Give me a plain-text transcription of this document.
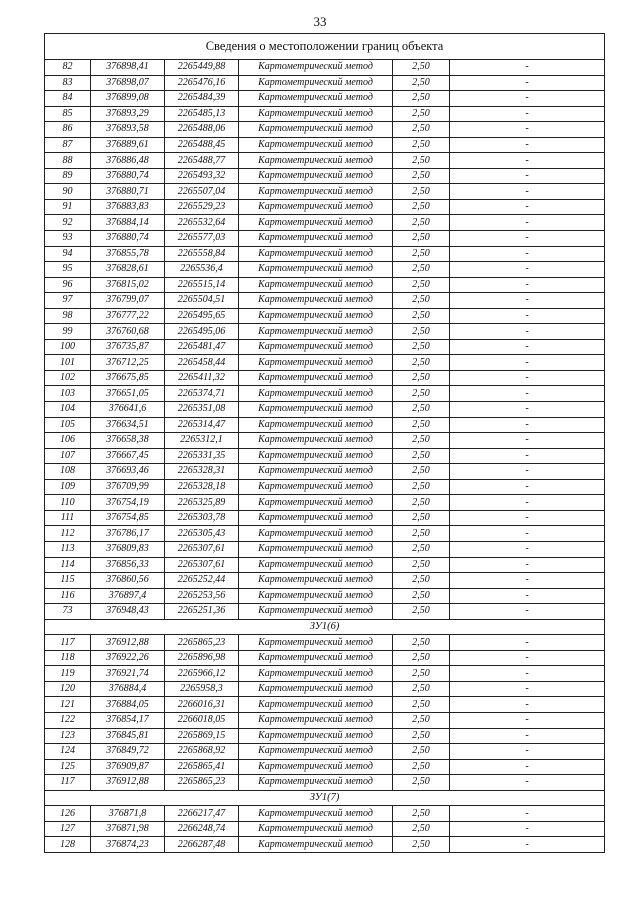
33
Сведения о местоположении границ объекта					
82	376898,41	2265449,88	Картометрический метод	2,50	-
83	376898,07	2265476,16	Картометрический метод	2,50	-
84	376899,08	2265484,39	Картометрический метод	2,50	-
85	376893,29	2265485,13	Картометрический метод	2,50	-
86	376893,58	2265488,06	Картометрический метод	2,50	-
87	376889,61	2265488,45	Картометрический метод	2,50	-
88	376886,48	2265488,77	Картометрический метод	2,50	-
89	376880,74	2265493,32	Картометрический метод	2,50	-
90	376880,71	2265507,04	Картометрический метод	2,50	-
91	376883,83	2265529,23	Картометрический метод	2,50	-
92	376884,14	2265532,64	Картометрический метод	2,50	-
93	376880,74	2265577,03	Картометрический метод	2,50	-
94	376855,78	2265558,84	Картометрический метод	2,50	-
95	376828,61	2265536,4	Картометрический метод	2,50	-
96	376815,02	2265515,14	Картометрический метод	2,50	-
97	376799,07	2265504,51	Картометрический метод	2,50	-
98	376777,22	2265495,65	Картометрический метод	2,50	-
99	376760,68	2265495,06	Картометрический метод	2,50	-
100	376735,87	2265481,47	Картометрический метод	2,50	-
101	376712,25	2265458,44	Картометрический метод	2,50	-
102	376675,85	2265411,32	Картометрический метод	2,50	-
103	376651,05	2265374,71	Картометрический метод	2,50	-
104	376641,6	2265351,08	Картометрический метод	2,50	-
105	376634,51	2265314,47	Картометрический метод	2,50	-
106	376658,38	2265312,1	Картометрический метод	2,50	-
107	376667,45	2265331,35	Картометрический метод	2,50	-
108	376693,46	2265328,31	Картометрический метод	2,50	-
109	376709,99	2265328,18	Картометрический метод	2,50	-
110	376754,19	2265325,89	Картометрический метод	2,50	-
111	376754,85	2265303,78	Картометрический метод	2,50	-
112	376786,17	2265305,43	Картометрический метод	2,50	-
113	376809,83	2265307,61	Картометрический метод	2,50	-
114	376856,33	2265307,61	Картометрический метод	2,50	-
115	376860,56	2265252,44	Картометрический метод	2,50	-
116	376897,4	2265253,56	Картометрический метод	2,50	-
73	376948,43	2265251,36	Картометрический метод	2,50	-
ЗУ1(6)					
117	376912,88	2265865,23	Картометрический метод	2,50	-
118	376922,26	2265896,98	Картометрический метод	2,50	-
119	376921,74	2265966,12	Картометрический метод	2,50	-
120	376884,4	2265958,3	Картометрический метод	2,50	-
121	376884,05	2266016,31	Картометрический метод	2,50	-
122	376854,17	2266018,05	Картометрический метод	2,50	-
123	376845,81	2265869,15	Картометрический метод	2,50	-
124	376849,72	2265868,92	Картометрический метод	2,50	-
125	376909,87	2265865,41	Картометрический метод	2,50	-
117	376912,88	2265865,23	Картометрический метод	2,50	-
ЗУ1(7)					
126	376871,8	2266217,47	Картометрический метод	2,50	-
127	376871,98	2266248,74	Картометрический метод	2,50	-
128	376874,23	2266287,48	Картометрический метод	2,50	-
